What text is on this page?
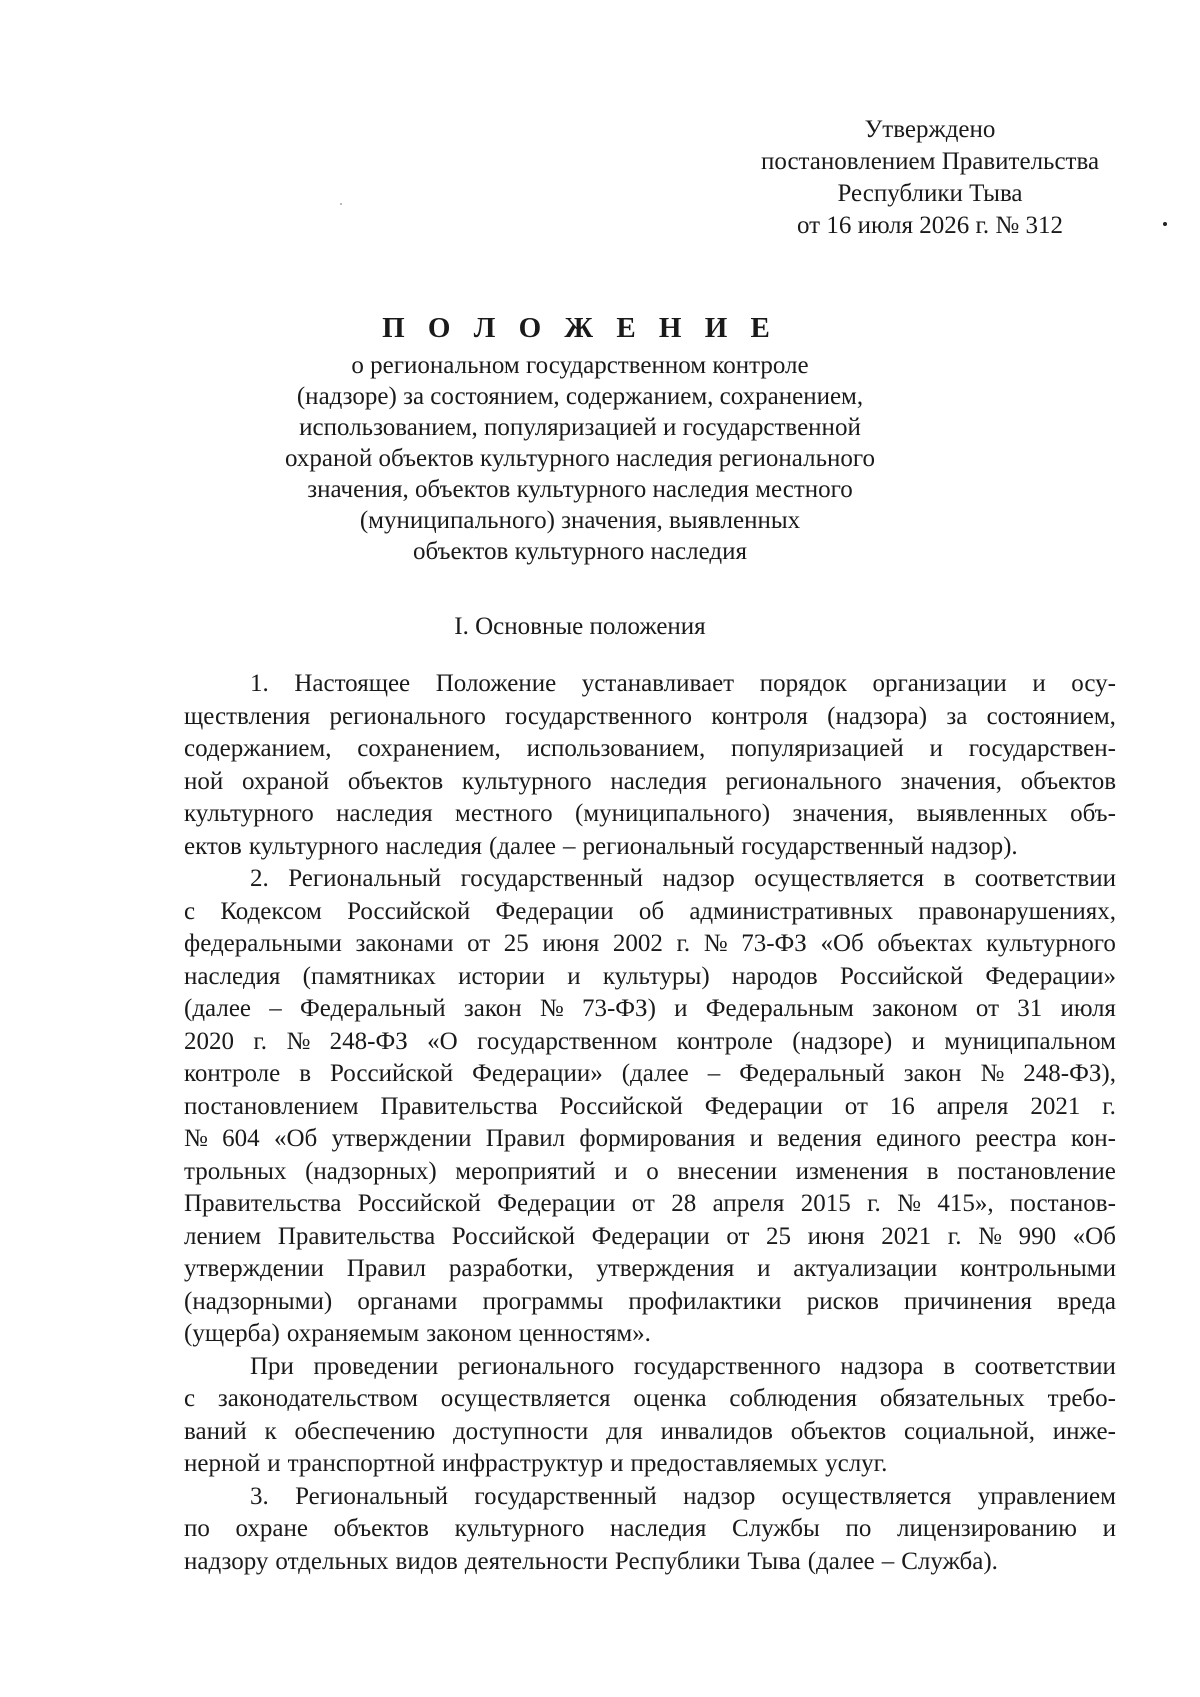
Утверждено
постановлением Правительства
Республики Тыва
от 16 июля 2026 г. № 312
П О Л О Ж Е Н И Е
о региональном государственном контроле
(надзоре) за состоянием, содержанием, сохранением,
использованием, популяризацией и государственной
охраной объектов культурного наследия регионального
значения, объектов культурного наследия местного
(муниципального) значения, выявленных
объектов культурного наследия
I. Основные положения
1. Настоящее Положение устанавливает порядок организации и осу-
ществления регионального государственного контроля (надзора) за состоянием,
содержанием, сохранением, использованием, популяризацией и государствен-
ной охраной объектов культурного наследия регионального значения, объектов
культурного наследия местного (муниципального) значения, выявленных объ-
ектов культурного наследия (далее – региональный государственный надзор).
2. Региональный государственный надзор осуществляется в соответствии
с Кодексом Российской Федерации об административных правонарушениях,
федеральными законами от 25 июня 2002 г. № 73-ФЗ «Об объектах культурного
наследия (памятниках истории и культуры) народов Российской Федерации»
(далее – Федеральный закон № 73-ФЗ) и Федеральным законом от 31 июля
2020 г. № 248-ФЗ «О государственном контроле (надзоре) и муниципальном
контроле в Российской Федерации» (далее – Федеральный закон № 248-ФЗ),
постановлением Правительства Российской Федерации от 16 апреля 2021 г.
№ 604 «Об утверждении Правил формирования и ведения единого реестра кон-
трольных (надзорных) мероприятий и о внесении изменения в постановление
Правительства Российской Федерации от 28 апреля 2015 г. № 415», постанов-
лением Правительства Российской Федерации от 25 июня 2021 г. № 990 «Об
утверждении Правил разработки, утверждения и актуализации контрольными
(надзорными) органами программы профилактики рисков причинения вреда
(ущерба) охраняемым законом ценностям».
При проведении регионального государственного надзора в соответствии
с законодательством осуществляется оценка соблюдения обязательных требо-
ваний к обеспечению доступности для инвалидов объектов социальной, инже-
нерной и транспортной инфраструктур и предоставляемых услуг.
3. Региональный государственный надзор осуществляется управлением
по охране объектов культурного наследия Службы по лицензированию и
надзору отдельных видов деятельности Республики Тыва (далее – Служба).
